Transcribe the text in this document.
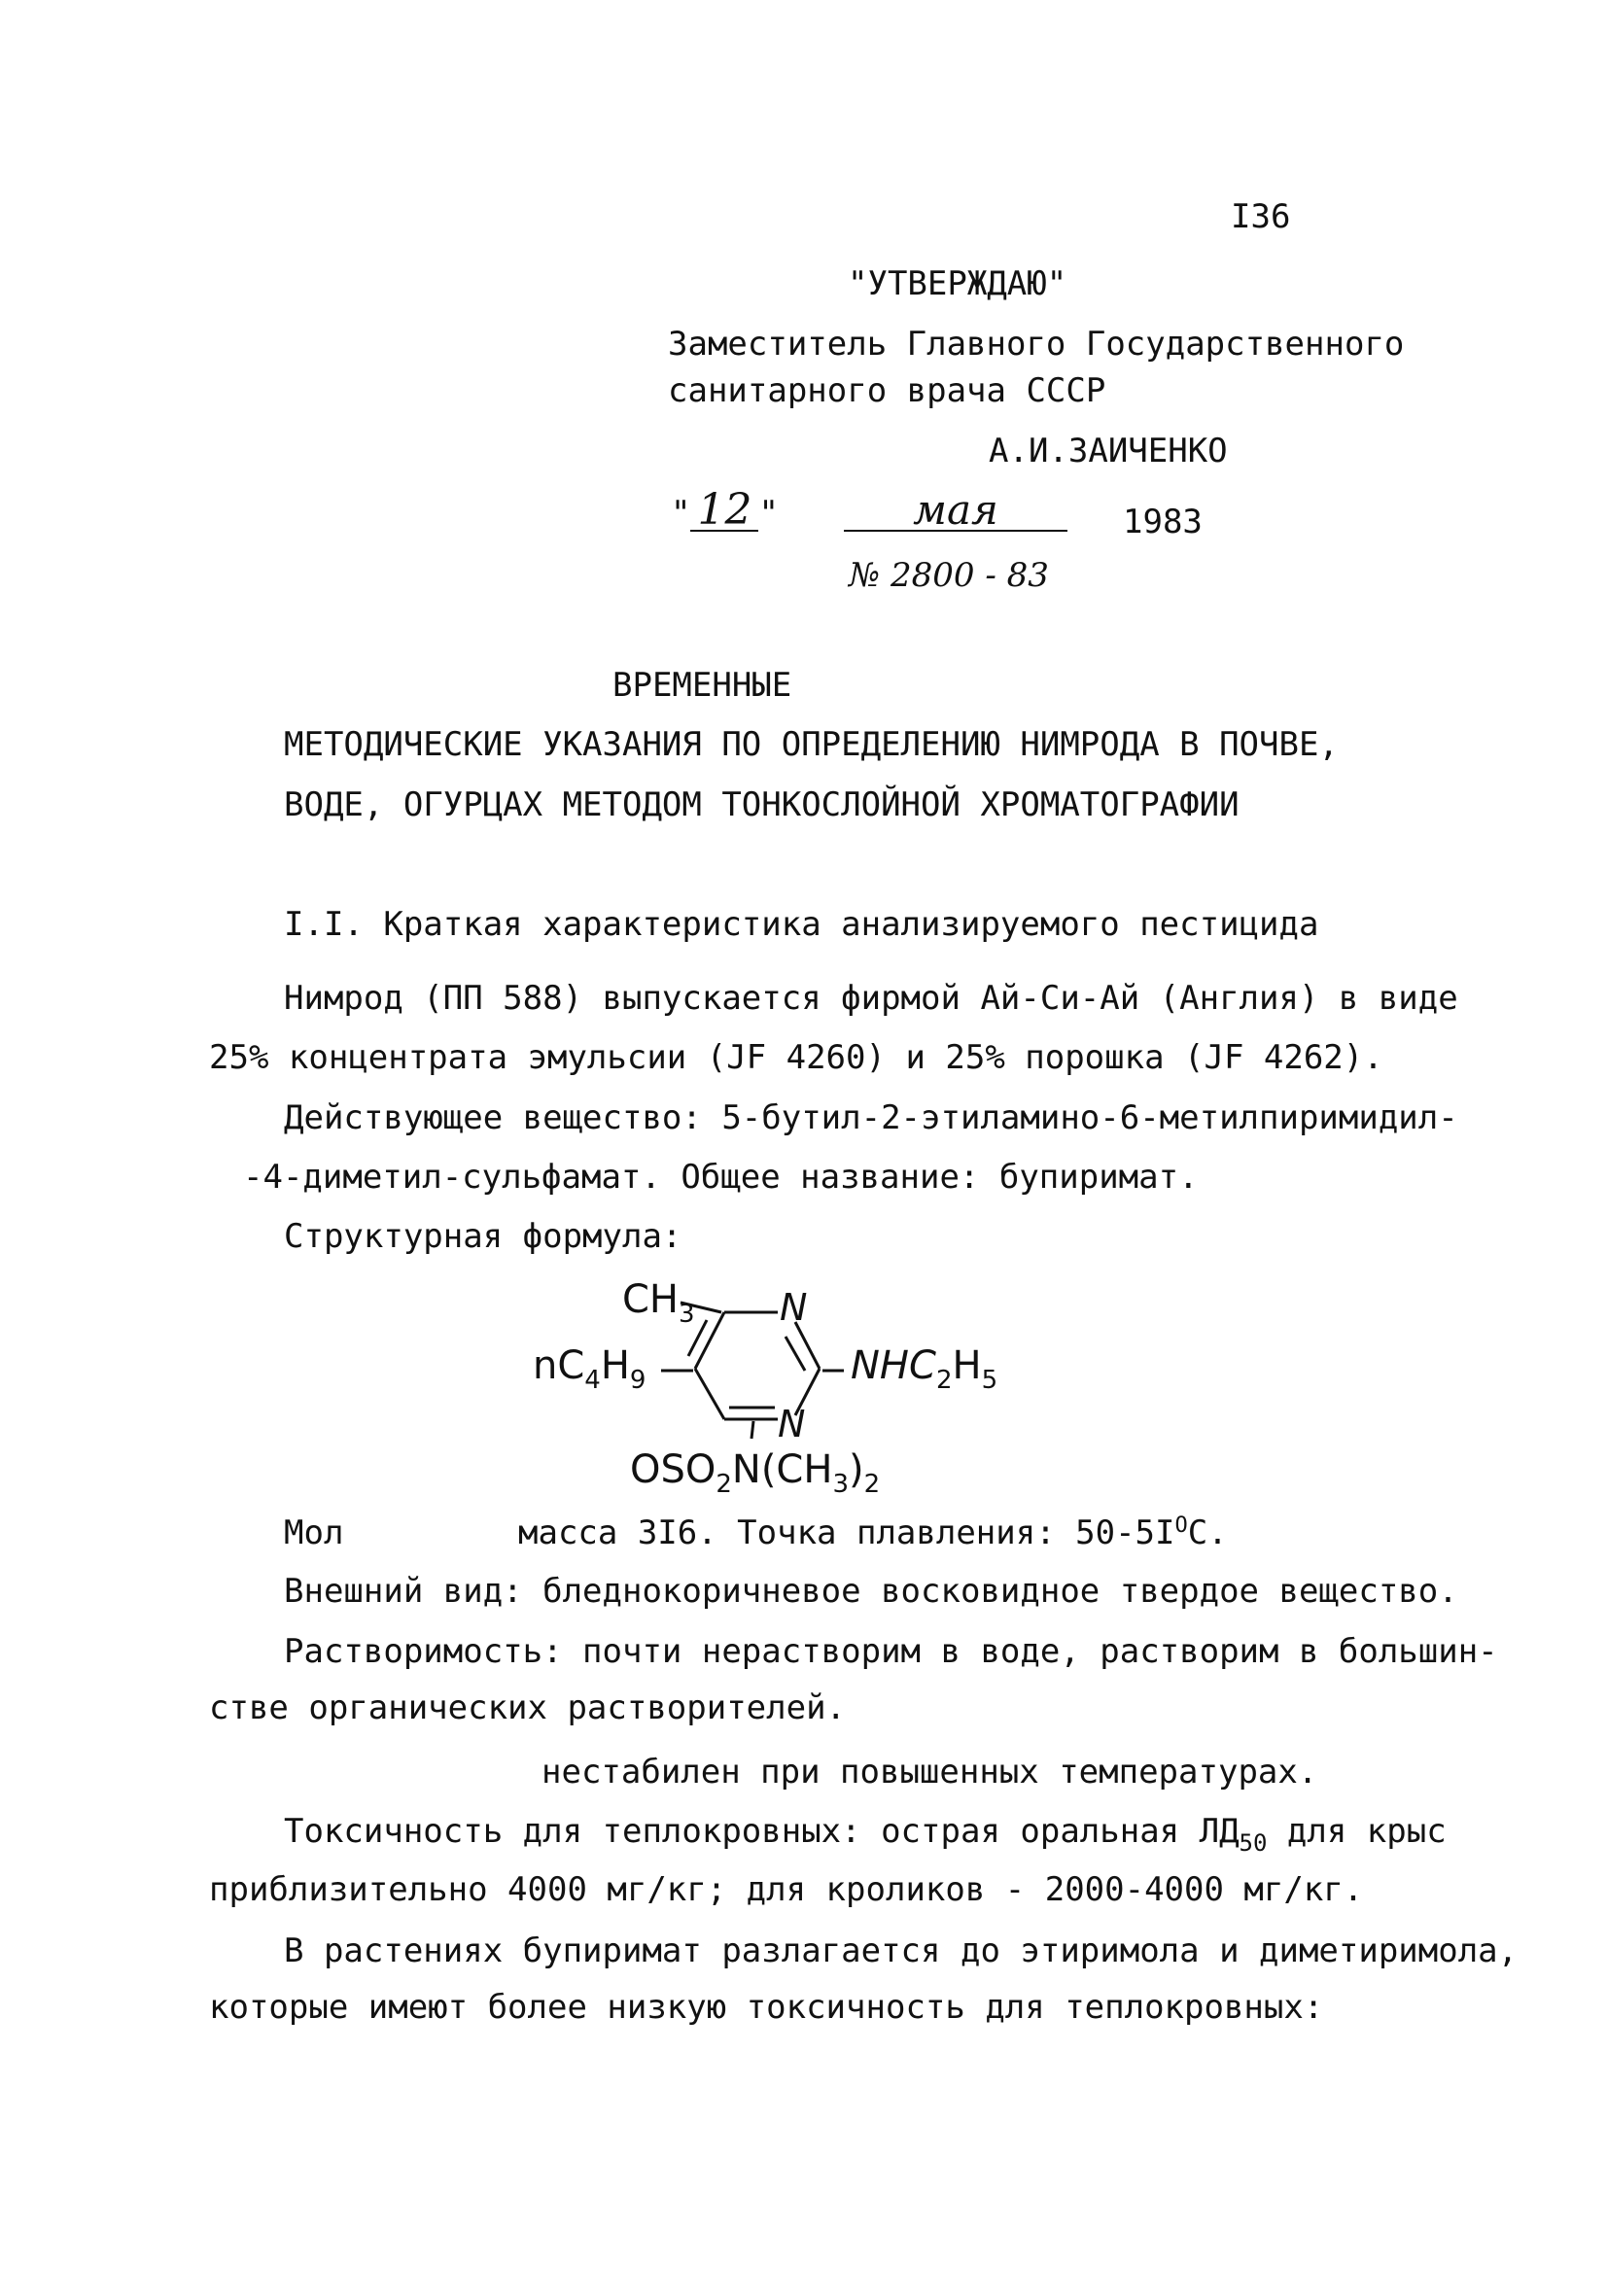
I36
"УТВЕРЖДАЮ"
Заместитель Главного Государственного
санитарного врача СССР
А.И.ЗАИЧЕНКО
" 12 "	мая	1983
№ 2800 - 83
ВРЕМЕННЫЕ
МЕТОДИЧЕСКИЕ УКАЗАНИЯ ПО ОПРЕДЕЛЕНИЮ НИМРОДА В ПОЧВЕ,
ВОДЕ, ОГУРЦАХ МЕТОДОМ ТОНКОСЛОЙНОЙ ХРОМАТОГРАФИИ
I.I. Краткая характеристика анализируемого пестицида
Нимрод (ПП 588) выпускается фирмой Ай-Си-Ай (Англия) в виде
25% концентрата эмульсии (JF 4260) и 25% порошка (JF 4262).
Действующее вещество: 5-бутил-2-этиламино-6-метилпиримидил-
-4-диметил-сульфамат. Общее название: бупиримат.
Структурная формула:
$CH_3$
$nC_4H_9$
N
N
$NHC_2H_5$
$OSO_2N(CH_3)_2$
Мол	масса 3I6. Точка плавления: $50-5I^OC$.
Внешний вид: бледнокоричневое восковидное твердое вещество.
Растворимость: почти нерастворим в воде, растворим в большин-
стве органических растворителей.
нестабилен при повышенных температурах.
Токсичность для теплокровных: острая оральная $ЛД_{50}$ для крыс
приблизительно 4000 мг/кг; для кроликов - 2000-4000 мг/кг.
В растениях бупиримат разлагается до этиримола и диметиримола,
которые имеют более низкую токсичность для теплокровных:
